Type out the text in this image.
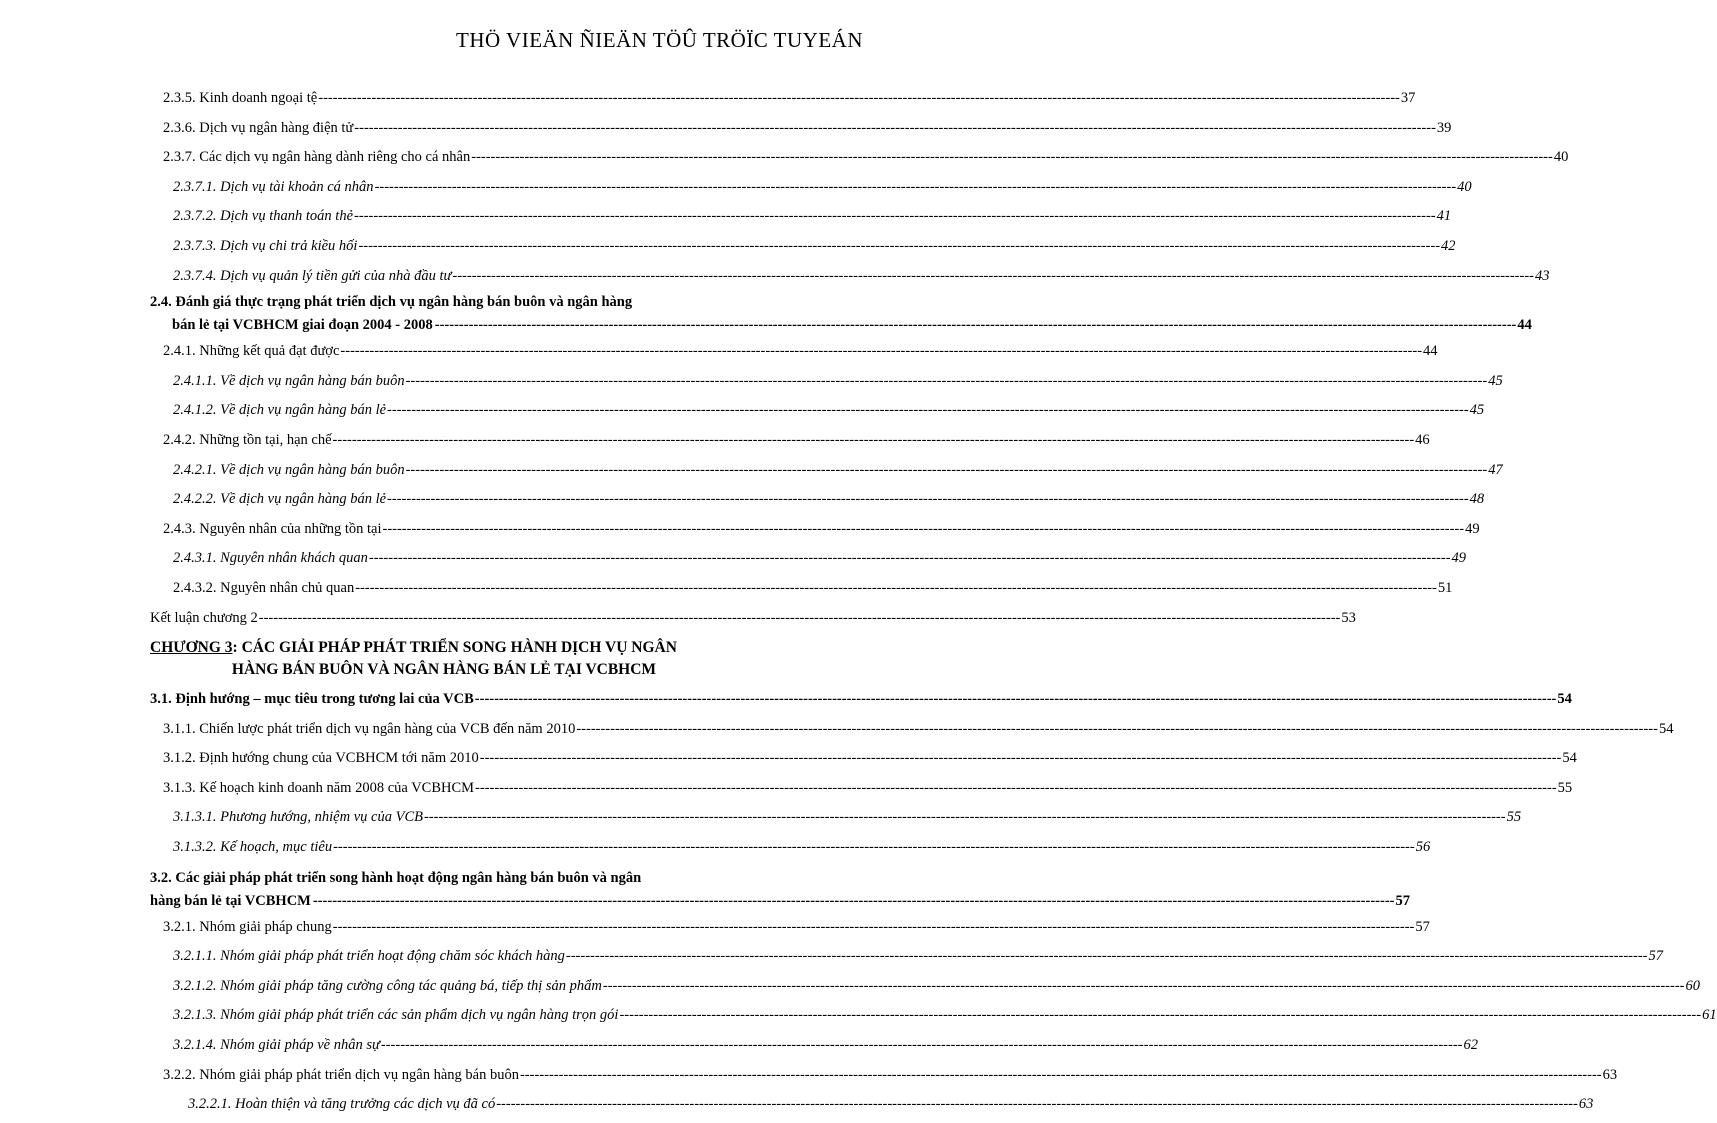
THÖ VIEÄN ÑIEÄN TÖÛ TRÖÏC TUYEÁN
2.3.5. Kinh doanh ngoại tệ -----	37
2.3.6. Dịch vụ ngân hàng điện tử -----	39
2.3.7. Các dịch vụ ngân hàng dành riêng cho cá nhân -----	40
2.3.7.1. Dịch vụ tài khoản cá nhân -----	40
2.3.7.2. Dịch vụ thanh toán thẻ -----	41
2.3.7.3. Dịch vụ chi trả kiều hối -----	42
2.3.7.4. Dịch vụ quản lý tiền gửi của nhà đầu tư -----	43
2.4. Đánh giá thực trạng phát triển dịch vụ ngân hàng bán buôn và ngân hàng
bán lẻ tại VCBHCM giai đoạn 2004 - 2008 -----	44
2.4.1. Những kết quả đạt được -----	44
2.4.1.1. Về dịch vụ ngân hàng bán buôn -----	45
2.4.1.2. Về dịch vụ ngân hàng bán lẻ -----	45
2.4.2. Những tồn tại, hạn chế -----	46
2.4.2.1. Về dịch vụ ngân hàng bán buôn -----	47
2.4.2.2. Về dịch vụ ngân hàng bán lẻ -----	48
2.4.3. Nguyên nhân của những tồn tại -----	49
2.4.3.1. Nguyên nhân khách quan -----	49
2.4.3.2. Nguyên nhân chủ quan -----	51
Kết luận chương 2 -----	53
CHƯƠNG 3: CÁC GIẢI PHÁP PHÁT TRIỂN SONG HÀNH DỊCH VỤ NGÂN
HÀNG BÁN BUÔN VÀ NGÂN HÀNG BÁN LẺ TẠI VCBHCM
3.1. Định hướng – mục tiêu trong tương lai của VCB -----	54
3.1.1. Chiến lược phát triển dịch vụ ngân hàng của VCB đến năm 2010 -----	54
3.1.2. Định hướng chung của VCBHCM tới năm 2010 -----	54
3.1.3. Kế hoạch kinh doanh năm 2008 của VCBHCM -----	55
3.1.3.1. Phương hướng, nhiệm vụ của VCB -----	55
3.1.3.2. Kế hoạch, mục tiêu -----	56
3.2. Các giải pháp phát triển song hành hoạt động ngân hàng bán buôn và ngân
hàng bán lẻ tại VCBHCM -----	57
3.2.1. Nhóm giải pháp chung -----	57
3.2.1.1. Nhóm giải pháp phát triển hoạt động chăm sóc khách hàng -----	57
3.2.1.2. Nhóm giải pháp tăng cường công tác quảng bá, tiếp thị sản phẩm -----	60
3.2.1.3. Nhóm giải pháp phát triển các sản phẩm dịch vụ ngân hàng trọn gói -----	61
3.2.1.4. Nhóm giải pháp về nhân sự -----	62
3.2.2. Nhóm giải pháp phát triển dịch vụ ngân hàng bán buôn -----	63
3.2.2.1. Hoàn thiện và tăng trưởng các dịch vụ đã có -----	63
